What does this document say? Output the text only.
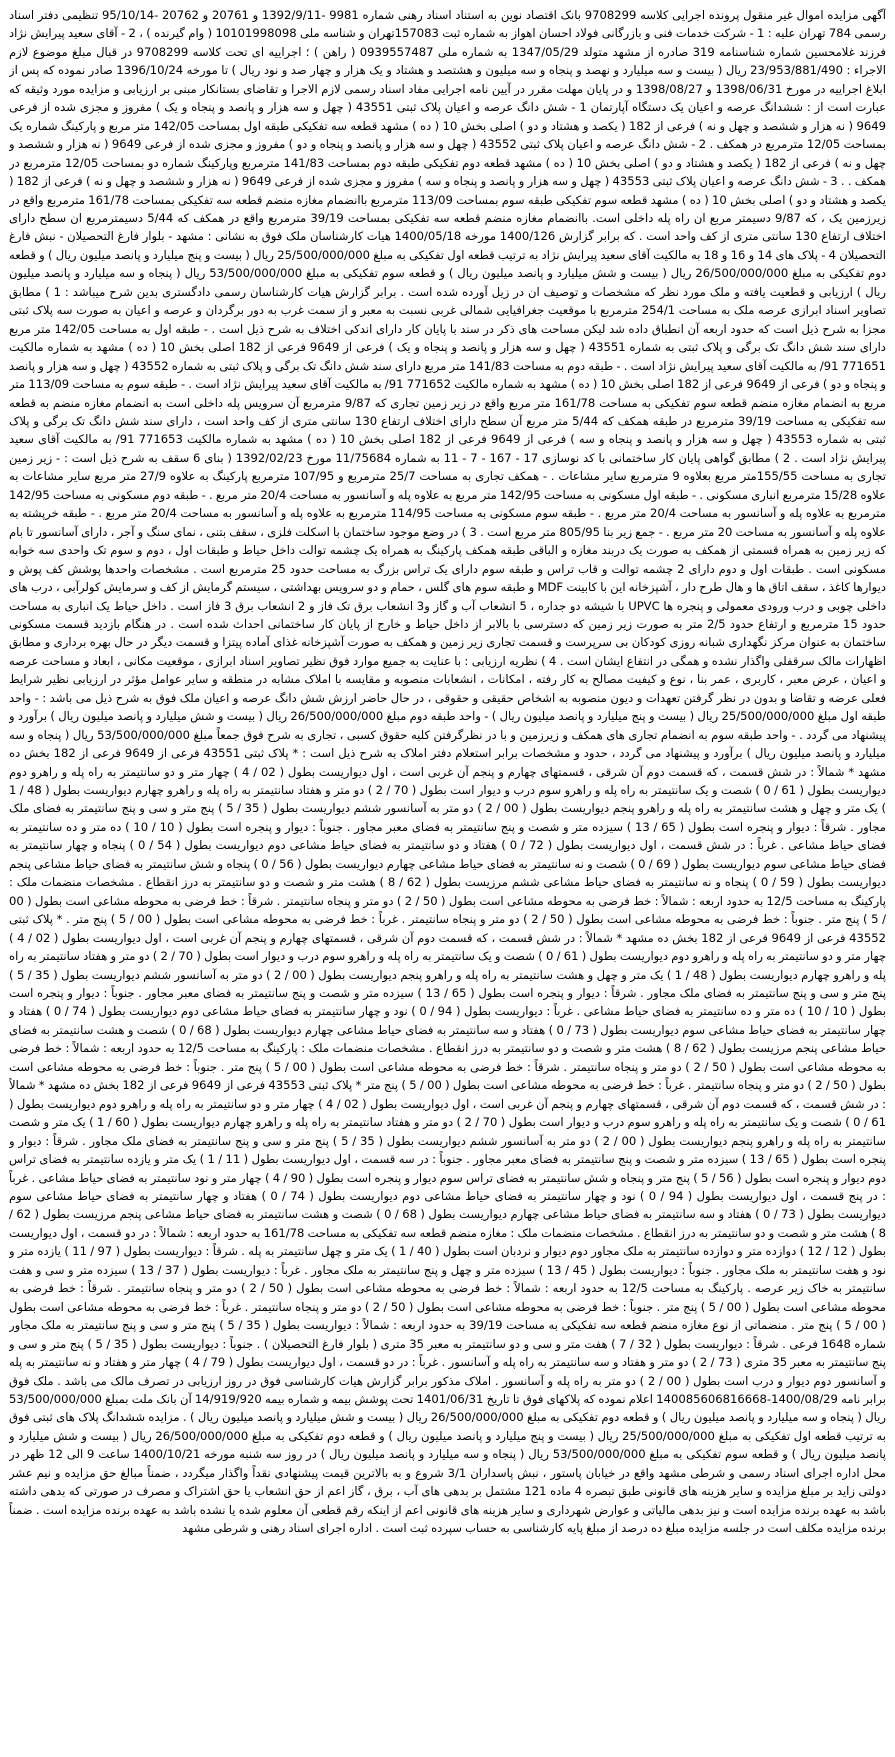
آگهی مزایده اموال غیر منقول پرونده اجرایی کلاسه 9708299 بانک اقتصاد نوین به استناد اسناد رهنی شماره 9981 -1392/9/11 و 20761 و 20762 -95/10/14 تنظیمی دفتر اسناد رسمی 784 تهران علیه : 1 - شرکت خدمات فنی و بازرگانی فولاد احسان اهواز به شماره ثبت 157083تهران و شناسه ملی 10101998098 ( وام گیرنده ) ، 2 - آقای سعید پیرایش نژاد فرزند غلامحسین شماره شناسنامه 319 صادره از مشهد متولد 1347/05/29 به شماره ملی 0939557487 ( راهن ) ؛ اجراییه ای تحت کلاسه 9708299 در قبال مبلغ موضوع لازم الاجراء : 23/953/881/490 ریال ( بیست و سه میلیارد و نهصد و پنجاه و سه میلیون و هشتصد و هشتاد و یک هزار و چهار صد و نود ریال ) تا مورخه 1396/10/24 صادر نموده که پس از ابلاغ اجراییه در مورخ 1398/06/31 و 1398/08/27 و در پایان مهلت مقرر در آیین نامه اجرایی مفاد اسناد رسمی لازم الاجرا و تقاضای بستانکار مبنی بر ارزیابی و مزایده مورد وثیقه که عبارت است از : ششدانگ عرصه و اعیان یک دستگاه آپارتمان 1 - شش دانگ عرصه و اعیان پلاک ثبتی 43551 ( چهل و سه هزار و پانصد و پنجاه و یک ) مفروز و مجزی شده از فرعی 9649 ( نه هزار و ششصد و چهل و نه ) فرعی از 182 ( یکصد و هشتاد و دو ) اصلی بخش 10 ( ده ) مشهد قطعه سه تفکیکی طبقه اول بمساحت 142/05 متر مربع و پارکینگ شماره یک بمساحت 12/05 مترمربع در همکف . 2 - شش دانگ عرصه و اعیان پلاک ثبتی 43552 ( چهل و سه هزار و پانصد و پنجاه و دو ) مفروز و مجزی شده از فرعی 9649 ( نه هزار و ششصد و چهل و نه ) فرعی از 182 ( یکصد و هشتاد و دو ) اصلی بخش 10 ( ده ) مشهد قطعه دوم تفکیکی طبقه دوم بمساحت 141/83 مترمربع وپارکینگ شماره دو بمساحت 12/05 مترمربع در همکف . . 3 - شش دانگ عرصه و اعیان پلاک ثبتی 43553 ( چهل و سه هزار و پانصد و پنجاه و سه ) مفروز و مجزی شده از فرعی 9649 ( نه هزار و ششصد و چهل و نه ) فرعی از 182 ( یکصد و هشتاد و دو ) اصلی بخش 10 ( ده ) مشهد قطعه سوم تفکیکی طبقه سوم بمساحت 113/09 مترمربع باانضمام مغازه منضم قطعه سه تفکیکی بمساحت 161/78 مترمربع واقع در زیرزمین یک ، که 9/87 دسیمتر مربع ان راه پله داخلی است. باانضمام مغازه منضم قطعه سه تفکیکی بمساحت 39/19 مترمربع واقع در همکف که 5/44 دسیمترمربع ان سطح دارای اختلاف ارتفاع 130 سانتی متری از کف واحد است . که برابر گزارش 1400/126 مورخه 1400/05/18 هیات کارشناسان ملک فوق به نشانی : مشهد - بلوار فارغ التحصیلان - نبش فارغ التحصیلان 4 - پلاک های 14 و 16 و 18 به مالکیت آقای سعید پیرایش نژاد به ترتیب قطعه اول تفکیکی به مبلغ 25/500/000/000 ریال ( بیست و پنج میلیارد و پانصد میلیون ریال ) و قطعه دوم تفکیکی به مبلغ 26/500/000/000 ریال ( بیست و شش میلیارد و پانصد میلیون ریال ) و قطعه سوم تفکیکی به مبلغ 53/500/000/000 ریال ( پنجاه و سه میلیارد و پانصد میلیون ریال ) ارزیابی و قطعیت یافته و ملک مورد نظر که مشخصات و توصیف ان در زیل آورده شده است . برابر گزارش هیات کارشناسان رسمی دادگستری بدین شرح میباشد : 1 ) مطابق تصاویر اسناد ابرازی عرصه ملک به مساحت 254/1 مترمربع با موقعیت جغرافیایی شمالی غربی نسبت به معبر و از سمت غرب به دور برگردان و عرصه و اعیان به صورت سه پلاک ثبتی مجزا به شرح ذیل است که حدود اربعه آن انطباق داده شد لیکن مساحت های ذکر در سند با پایان کار دارای اندکی اختلاف به شرح ذیل است . - طبقه اول به مساحت 142/05 متر مربع دارای سند شش دانگ تک برگی و پلاک ثبتی به شماره 43551 ( چهل و سه هزار و پانصد و پنجاه و یک ) فرعی از 9649 فرعی از 182 اصلی بخش 10 ( ده ) مشهد به شماره مالکیت 771651 91/ به مالکیت آقای سعید پیرایش نژاد است . - طبقه دوم به مساحت 141/83 متر مربع دارای سند شش دانگ تک برگی و پلاک ثبتی به شماره 43552 ( چهل و سه هزار و پانصد و پنجاه و دو ) فرعی از 9649 فرعی از 182 اصلی بخش 10 ( ده ) مشهد به شماره مالکیت 771652 91/ به مالکیت آقای سعید پیرایش نژاد است . - طبقه سوم به مساحت 113/09 متر مربع به انضمام مغازه منضم قطعه سوم تفکیکی به مساحت 161/78 متر مربع واقع در زیر زمین تجاری که 9/87 مترمربع آن سرویس پله داخلی است به انضمام مغازه منضم به قطعه سه تفکیکی به مساحت 39/19 مترمربع در طبقه همکف که 5/44 متر مربع آن سطح دارای اختلاف ارتفاع 130 سانتی متری از کف واحد است ، دارای سند شش دانگ تک برگی و پلاک ثبتی به شماره 43553 ( چهل و سه هزار و پانصد و پنجاه و سه ) فرعی از 9649 فرعی از 182 اصلی بخش 10 ( ده ) مشهد به شماره مالکیت 771653 91/ به مالکیت آقای سعید پیرایش نژاد است . 2 ) مطابق گواهی پایان کار ساختمانی با کد نوسازی 17 - 167 - 7 - 11 به شماره 11/75684 مورخ 1392/02/23 ( بنای 6 سقف به شرح ذیل است : - زیر زمین تجاری به مساحت 155/55متر مربع بعلاوه 9 مترمربع سایر مشاعات . - همکف تجاری به مساحت 25/7 مترمربع و 107/95 مترمربع پارکینگ به علاوه 27/9 متر مربع سایر مشاعات به علاوه 15/28 مترمربع انباری مسکونی . - طبقه اول مسکونی به مساحت 142/95 متر مربع به علاوه پله و آسانسور به مساحت 20/4 متر مربع . - طبقه دوم مسکونی به مساحت 142/95 مترمربع به علاوه پله و آسانسور به مساحت 20/4 متر مربع . - طبقه سوم مسکونی به مساحت 114/95 مترمربع به علاوه پله و آسانسور به مساحت 20/4 متر مربع . - طبقه خرپشته به علاوه پله و آسانسور به مساحت 20 متر مربع . - جمع زیر بنا 805/95 متر مربع است . 3 ) در وضع موجود ساختمان با اسکلت فلزی ، سقف بتنی ، نمای سنگ و آجر ، دارای آسانسور تا بام که زیر زمین به همراه قسمتی از همکف به صورت یک دربند مغازه و الباقی طبقه همکف پارکینگ به همراه یک چشمه توالت داخل حیاط و طبقات اول ، دوم و سوم تک واحدی سه خوابه مسکونی است . طبقات اول و دوم دارای 2 چشمه توالت و قاب تراس و طبقه سوم دارای یک تراس بزرگ به مساحت حدود 25 مترمربع است . مشخصات واحدها پوشش کف پوش و دیوارها کاغذ ، سقف اتاق ها و هال طرح دار ، آشپزخانه این با کابینت MDF و طبقه سوم های گلس ، حمام و دو سرویس بهداشتی ، سیستم گرمایش از کف و سرمایش کولرآبی ، درب های داخلی چوبی و درب ورودی معمولی و پنجره ها UPVC با شیشه دو جداره ، 5 انشعاب آب و گاز و3 انشعاب برق تک فاز و 2 انشعاب برق 3 فاز است . داخل حیاط یک انباری به مساحت حدود 15 مترمربع و ارتفاع حدود 2/5 متر به صورت زیر زمین که دسترسی با بالابر از داخل حیاط و خارج از پایان کار ساختمانی احداث شده است . در هنگام بازدید قسمت مسکونی ساختمان به عنوان مرکز نگهداری شبانه روزی کودکان بی سرپرست و قسمت تجاری زیر زمین و همکف به صورت آشپزخانه غذای آماده پیتزا و قسمت دیگر در حال بهره برداری و مطابق اظهارات مالک سرقفلی واگذار نشده و همگی در انتفاع ایشان است . 4 ) نظریه ارزیابی : با عنایت به جمیع موارد فوق نظیر تصاویر اسناد ابرازی ، موقعیت مکانی ، ابعاد و مساحت عرصه و اعیان ، عرض معبر ، کاربری ، عمر بنا ، نوع و کیفیت مصالح به کار رفته ، امکانات ، انشعابات منصوبه و مقایسه با املاک مشابه در منطقه و سایر عوامل مؤثر در ارزیابی نظیر شرایط فعلی عرضه و تقاضا و بدون در نظر گرفتن تعهدات و دیون منصوبه به اشخاص حقیقی و حقوقی ، در حال حاضر ارزش شش دانگ عرصه و اعیان ملک فوق به شرح ذیل می باشد : - واحد طبقه اول مبلغ 25/500/000/000 ریال ( بیست و پنج میلیارد و پانصد میلیون ریال ) - واحد طبقه دوم مبلغ 26/500/000/000 ریال ( بیست و شش میلیارد و پانصد میلیون ریال ) برآورد و پیشنهاد می گردد . - واحد طبقه سوم به انضمام تجاری های همکف و زیرزمین و با در نظرگرفتن کلیه حقوق کسبی ، تجاری به شرح فوق جمعاً مبلغ 53/500/000/000 ریال ( پنجاه و سه میلیارد و پانصد میلیون ریال ) برآورد و پیشنهاد می گردد ، حدود و مشخصات برابر استعلام دفتر املاک به شرح ذیل است : * پلاک ثبتی 43551 فرعی از 9649 فرعی از 182 بخش ده مشهد * شمالاً : در شش قسمت ، که قسمت دوم آن شرقی ، قسمتهای چهارم و پنجم آن غربی است ، اول دیواریست بطول ( 02 / 4 ) چهار متر و دو سانتیمتر به راه پله و راهرو دوم دیواریست بطول ( 61 / 0 ) شصت و یک سانتیمتر به راه پله و راهرو سوم درب و دیوار است بطول ( 70 / 2 ) دو متر و هفتاد سانتیمتر به راه پله و راهرو چهارم دیواریست بطول ( 48 / 1 ) یک متر و چهل و هشت سانتیمتر به راه پله و راهرو پنجم دیواریست بطول ( 00 / 2 ) دو متر به آسانسور ششم دیواریست بطول ( 35 / 5 ) پنج متر و سی و پنج سانتیمتر به فضای ملک مجاور . شرقاً : دیوار و پنجره است بطول ( 65 / 13 ) سیزده متر و شصت و پنج سانتیمتر به فضای معبر مجاور . جنوباً : دیوار و پنجره است بطول ( 10 / 10 ) ده متر و ده سانتیمتر به فضای حیاط مشاعی . غرباً : در شش قسمت ، اول دیواریست بطول ( 72 / 0 ) هفتاد و دو سانتیمتر به فضای حیاط مشاعی دوم دیواریست بطول ( 54 / 0 ) پنجاه و چهار سانتیمتر به فضای حیاط مشاعی سوم دیواریست بطول ( 69 / 0 ) شصت و نه سانتیمتر به فضای حیاط مشاعی چهارم دیواریست بطول ( 56 / 0 ) پنجاه و شش سانتیمتر به فضای حیاط مشاعی پنجم دیواریست بطول ( 59 / 0 ) پنجاه و نه سانتیمتر به فضای حیاط مشاعی ششم مرزیست بطول ( 62 / 8 ) هشت متر و شصت و دو سانتیمتر به درز انقطاع . مشخصات منضمات ملک : پارکینگ به مساحت 12/5 به حدود اربعه : شمالاً : خط فرضی به محوطه مشاعی است بطول ( 50 / 2 ) دو متر و پنجاه سانتیمتر . شرقاً : خط فرضی به محوطه مشاعی است بطول ( 00 / 5 ) پنج متر . جنوباً : خط فرضی به محوطه مشاعی است بطول ( 50 / 2 ) دو متر و پنجاه سانتیمتر . غرباً : خط فرضی به محوطه مشاعی است بطول ( 00 / 5 ) پنج متر . * پلاک ثبتی 43552 فرعی از 9649 فرعی از 182 بخش ده مشهد * شمالاً : در شش قسمت ، که قسمت دوم آن شرقی ، قسمتهای چهارم و پنجم آن غربی است ، اول دیواریست بطول ( 02 / 4 ) چهار متر و دو سانتیمتر به راه پله و راهرو دوم دیواریست بطول ( 61 / 0 ) شصت و یک سانتیمتر به راه پله و راهرو سوم درب و دیوار است بطول ( 70 / 2 ) دو متر و هفتاد سانتیمتر به راه پله و راهرو چهارم دیواریست بطول ( 48 / 1 ) یک متر و چهل و هشت سانتیمتر به راه پله و راهرو پنجم دیواریست بطول ( 00 / 2 ) دو متر به آسانسور ششم دیواریست بطول ( 35 / 5 ) پنج متر و سی و پنج سانتیمتر به فضای ملک مجاور . شرقاً : دیوار و پنجره است بطول ( 65 / 13 ) سیزده متر و شصت و پنج سانتیمتر به فضای معبر مجاور . جنوباً : دیوار و پنجره است بطول ( 10 / 10 ) ده متر و ده سانتیمتر به فضای حیاط مشاعی . غرباً : دیواریست بطول ( 94 / 0 ) نود و چهار سانتیمتر به فضای حیاط مشاعی دوم دیواریست بطول ( 74 / 0 ) هفتاد و چهار سانتیمتر به فضای حیاط مشاعی سوم دیواریست بطول ( 73 / 0 ) هفتاد و سه سانتیمتر به فضای حیاط مشاعی چهارم دیواریست بطول ( 68 / 0 ) شصت و هشت سانتیمتر به فضای حیاط مشاعی پنجم مرزیست بطول ( 62 / 8 ) هشت متر و شصت و دو سانتیمتر به درز انقطاع . مشخصات منضمات ملک : پارکینگ به مساحت 12/5 به حدود اربعه : شمالاً : خط فرضی به محوطه مشاعی است بطول ( 50 / 2 ) دو متر و پنجاه سانتیمتر . شرقاً : خط فرضی به محوطه مشاعی است بطول ( 00 / 5 ) پنج متر . جنوباً : خط فرضی به محوطه مشاعی است بطول ( 50 / 2 ) دو متر و پنجاه سانتیمتر . غرباً : خط فرضی به محوطه مشاعی است بطول ( 00 / 5 ) پنج متر * پلاک ثبتی 43553 فرعی از 9649 فرعی از 182 بخش ده مشهد * شمالاً : در شش قسمت ، که قسمت دوم آن شرقی ، قسمتهای چهارم و پنجم آن غربی است ، اول دیواریست بطول ( 02 / 4 ) چهار متر و دو سانتیمتر به راه پله و راهرو دوم دیواریست بطول ( 61 / 0 ) شصت و یک سانتیمتر به راه پله و راهرو سوم درب و دیوار است بطول ( 70 / 2 ) دو متر و هفتاد سانتیمتر به راه پله و راهرو چهارم دیواریست بطول ( 60 / 1 ) یک متر و شصت سانتیمتر به راه پله و راهرو پنجم دیواریست بطول ( 00 / 2 ) دو متر به آسانسور ششم دیواریست بطول ( 35 / 5 ) پنج متر و سی و پنج سانتیمتر به فضای ملک مجاور . شرقاً : دیوار و پنجره است بطول ( 65 / 13 ) سیزده متر و شصت و پنج سانتیمتر به فضای معبر مجاور . جنوباً : در سه قسمت ، اول دیواریست بطول ( 11 / 1 ) یک متر و یازده سانتیمتر به فضای تراس دوم دیوار و پنجره است بطول ( 56 / 5 ) پنج متر و پنجاه و شش سانتیمتر به فضای تراس سوم دیوار و پنجره است بطول ( 90 / 4 ) چهار متر و نود سانتیمتر به فضای حیاط مشاعی . غرباً : در پنج قسمت ، اول دیواریست بطول ( 94 / 0 ) نود و چهار سانتیمتر به فضای حیاط مشاعی دوم دیواریست بطول ( 74 / 0 ) هفتاد و چهار سانتیمتر به فضای حیاط مشاعی سوم دیواریست بطول ( 73 / 0 ) هفتاد و سه سانتیمتر به فضای حیاط مشاعی چهارم دیواریست بطول ( 68 / 0 ) شصت و هشت سانتیمتر به فضای حیاط مشاعی پنجم مرزیست بطول ( 62 / 8 ) هشت متر و شصت و دو سانتیمتر به درز انقطاع . مشخصات منضمات ملک : مغازه منضم قطعه سه تفکیکی به مساحت 161/78 به حدود اربعه : شمالاً : در دو قسمت ، اول دیواریست بطول ( 12 / 12 ) دوازده متر و دوازده سانتیمتر به ملک مجاور دوم دیوار و نردبان است بطول ( 40 / 1 ) یک متر و چهل سانتیمتر به پله . شرقاً : دیواریست بطول ( 97 / 11 ) یازده متر و نود و هفت سانتیمتر به ملک مجاور . جنوباً : دیواریست بطول ( 45 / 13 ) سیزده متر و چهل و پنج سانتیمتر به ملک مجاور . غرباً : دیواریست بطول ( 37 / 13 ) سیزده متر و سی و هفت سانتیمتر به خاک زیر عرصه . پارکینگ به مساحت 12/5 به حدود اربعه : شمالاً : خط فرضی به محوطه مشاعی است بطول ( 50 / 2 ) دو متر و پنجاه سانتیمتر . شرقاً : خط فرضی به محوطه مشاعی است بطول ( 00 / 5 ) پنج متر . جنوباً : خط فرضی به محوطه مشاعی است بطول ( 50 / 2 ) دو متر و پنجاه سانتیمتر . غرباً : خط فرضی به محوطه مشاعی است بطول ( 00 / 5 ) پنج متر . منضماتی از نوع مغازه منضم قطعه سه تفکیکی به مساحت 39/19 به حدود اربعه : شمالاً : دیواریست بطول ( 35 / 5 ) پنج متر و سی و پنج سانتیمتر به ملک مجاور شماره 1648 فرعی . شرقاً : دیواریست بطول ( 32 / 7 ) هفت متر و سی و دو سانتیمتر به معبر 35 متری ( بلوار فارغ التحصیلان ) . جنوباً : دیواریست بطول ( 35 / 5 ) پنج متر و سی و پنج سانتیمتر به معبر 35 متری ( 73 / 2 ) دو متر و هفتاد و سه سانتیمتر به راه پله و آسانسور . غرباً : در دو قسمت ، اول دیواریست بطول ( 79 / 4 ) چهار متر و هفتاد و نه سانتیمتر به پله و آسانسور دوم دیوار و درب است بطول ( 00 / 2 ) دو متر به راه پله و آسانسور . املاک مذکور برابر گزارش هیات کارشناسی فوق در روز ارزیابی در تصرف مالک می باشد . ملک فوق برابر نامه 1400/08/29-140085606816668 اعلام نموده که پلاکهای فوق تا تاریخ 1401/06/31 تحت پوشش بیمه و شماره بیمه 14/919/920 آن بانک ملت بمبلغ 53/500/000/000 ریال ( پنجاه و سه میلیارد و پانصد میلیون ریال ) و قطعه دوم تفکیکی به مبلغ 26/500/000/000 ریال ( بیست و شش میلیارد و پانصد میلیون ریال ) . مزایده ششدانگ پلاک های ثبتی فوق به ترتیب قطعه اول تفکیکی به مبلغ 25/500/000/000 ریال ( بیست و پنج میلیارد و پانصد میلیون ریال ) و قطعه دوم تفکیکی به مبلغ 26/500/000/000 ریال ( بیست و شش میلیارد و پانصد میلیون ریال ) و قطعه سوم تفکیکی به مبلغ 53/500/000/000 ریال ( پنجاه و سه میلیارد و پانصد میلیون ریال ) در روز سه شنبه مورخه 1400/10/21 ساعت 9 الی 12 ظهر در محل اداره اجرای اسناد رسمی و شرطی مشهد واقع در خیابان پاستور ، نبش پاسداران 3/1 شروع و به بالاترین قیمت پیشنهادی نقداً واگذار میگردد ، ضمناً مبالغ حق مزایده و نیم عشر دولتی زاید بر مبلغ مزایده و سایر هزینه های قانونی طبق تبصره 4 ماده 121 مشتمل بر بدهی های آب ، برق ، گاز اعم از حق انشعاب یا حق اشتراک و مصرف در صورتی که بدهی داشته باشد به عهده برنده مزایده است و نیز بدهی مالیاتی و عوارض شهرداری و سایر هزینه های قانونی اعم از اینکه رقم قطعی آن معلوم شده یا نشده باشد به عهده برنده مزایده است . ضمناً برنده مزایده مکلف است در جلسه مزایده مبلغ ده درصد از مبلغ پایه کارشناسی به حساب سپرده ثبت است . اداره اجرای اسناد رهنی و شرطی مشهد
